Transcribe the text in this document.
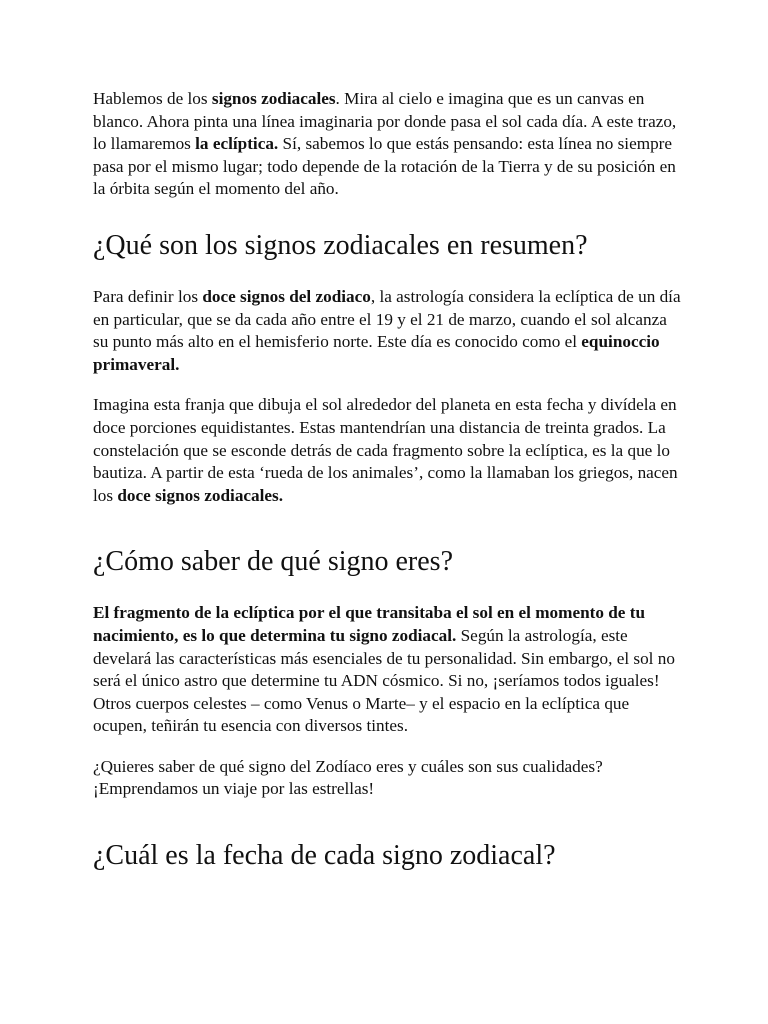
Hablemos de los signos zodiacales. Mira al cielo e imagina que es un canvas en blanco. Ahora pinta una línea imaginaria por donde pasa el sol cada día. A este trazo, lo llamaremos la eclíptica. Sí, sabemos lo que estás pensando: esta línea no siempre pasa por el mismo lugar; todo depende de la rotación de la Tierra y de su posición en la órbita según el momento del año.

¿Qué son los signos zodiacales en resumen?

Para definir los doce signos del zodiaco, la astrología considera la eclíptica de un día en particular, que se da cada año entre el 19 y el 21 de marzo, cuando el sol alcanza su punto más alto en el hemisferio norte. Este día es conocido como el equinoccio primaveral.

Imagina esta franja que dibuja el sol alrededor del planeta en esta fecha y divídela en doce porciones equidistantes. Estas mantendrían una distancia de treinta grados. La constelación que se esconde detrás de cada fragmento sobre la eclíptica, es la que lo bautiza. A partir de esta ‘rueda de los animales’, como la llamaban los griegos, nacen los doce signos zodiacales.

¿Cómo saber de qué signo eres?

El fragmento de la eclíptica por el que transitaba el sol en el momento de tu nacimiento, es lo que determina tu signo zodiacal. Según la astrología, este develará las características más esenciales de tu personalidad. Sin embargo, el sol no será el único astro que determine tu ADN cósmico. Si no, ¡seríamos todos iguales! Otros cuerpos celestes – como Venus o Marte– y el espacio en la eclíptica que ocupen, teñirán tu esencia con diversos tintes.

¿Quieres saber de qué signo del Zodíaco eres y cuáles son sus cualidades? ¡Emprendamos un viaje por las estrellas!

¿Cuál es la fecha de cada signo zodiacal?
